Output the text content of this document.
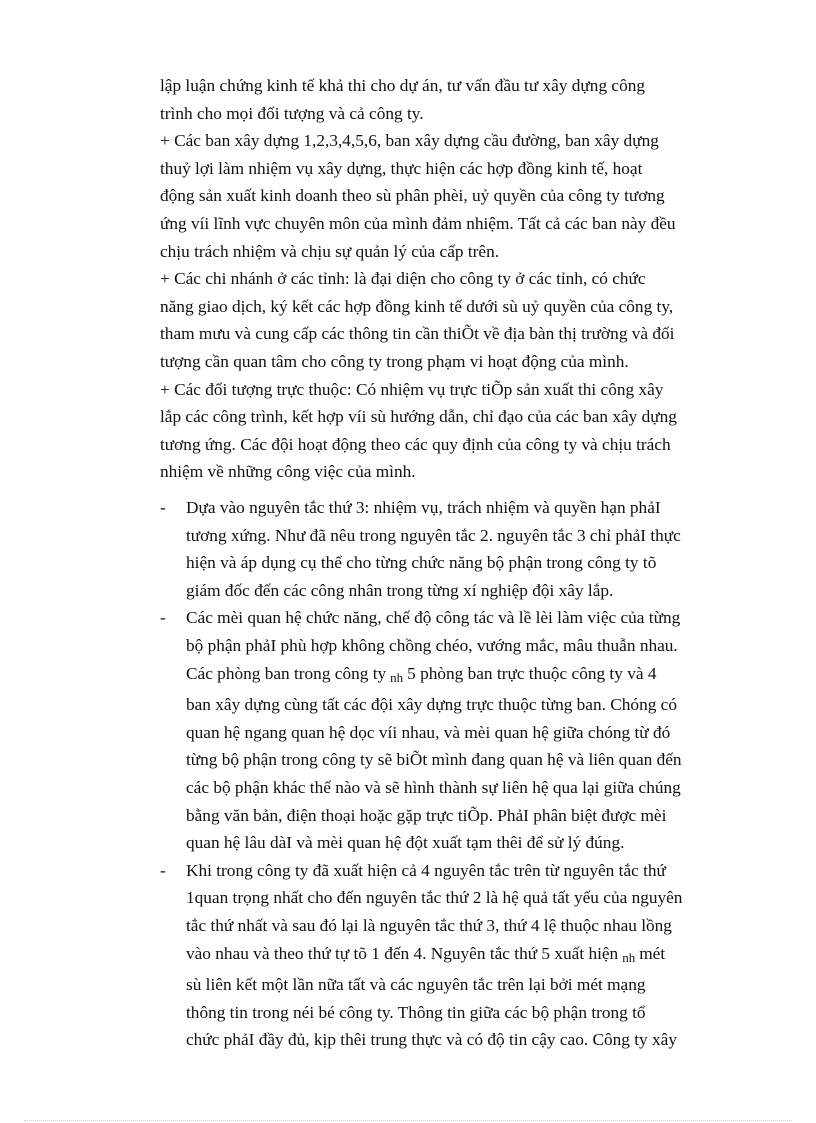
lập luận chứng kinh tế khả thi cho dự án, tư vấn đầu tư xây dựng công
trình cho mọi đối tượng và cả công ty.
+ Các ban xây dựng 1,2,3,4,5,6, ban xây dựng cầu đường, ban xây dựng
thuỷ lợi làm nhiệm vụ xây dựng, thực hiện các hợp đồng kinh tế, hoạt
động sản xuất kinh doanh theo sù phân phèi, uỷ quyền của công ty tương
ứng víi lĩnh vực chuyên môn của mình đảm nhiệm. Tất cả các ban này đều
chịu trách nhiệm và chịu sự quản lý của cấp trên.
+ Các chi nhánh ở các tỉnh: là đại diện cho công ty ở các tỉnh, có chức
năng giao dịch, ký kết các hợp đồng kinh tế dưới sù uỷ quyền của công ty,
tham mưu và cung cấp các thông tin cần thiÕt về địa bàn thị trường và đối
tượng cần quan tâm cho công ty trong phạm vi hoạt động của mình.
+ Các đối tượng trực thuộc: Có nhiệm vụ trực tiÕp sản xuất thi công xây
lắp các công trình, kết hợp víi sù hướng dẫn, chỉ đạo của các ban xây dựng
tương ứng. Các đội hoạt động theo các quy định của công ty và chịu trách
nhiệm về những công việc của mình.
- Dựa vào nguyên tắc thứ 3: nhiệm vụ, trách nhiệm và quyền hạn phảI
tương xứng. Như đã nêu trong nguyên tắc 2. nguyên tắc 3 chỉ phảI thực
hiện và áp dụng cụ thể cho từng chức năng bộ phận trong công ty tõ
giám đốc đến các công nhân trong từng xí nghiệp đội xây lắp.
- Các mèi quan hệ chức năng, chế độ công tác và lề lèi làm việc của từng
bộ phận phảI phù hợp không chồng chéo, vướng mắc, mâu thuẫn nhau.
Các phòng ban trong công ty $_{nh}$ 5 phòng ban trực thuộc công ty và 4
ban xây dựng cùng tất các đội xây dựng trực thuộc từng ban. Chóng có
quan hệ ngang quan hệ dọc víi nhau, và mèi quan hệ giữa chóng từ đó
từng bộ phận trong công ty sẽ biÕt mình đang quan hệ và liên quan đến
các bộ phận khác thế nào và sẽ hình thành sự liên hệ qua lại giữa chúng
bằng văn bản, điện thoại hoặc gặp trực tiÕp. PhảI phân biệt được mèi
quan hệ lâu dàI và mèi quan hệ đột xuất tạm thêi để sử lý đúng.
- Khi trong công ty đã xuất hiện cả 4 nguyên tắc trên từ nguyên tắc thứ
1quan trọng nhất cho đến nguyên tắc thứ 2 là hệ quả tất yếu của nguyên
tắc thứ nhất và sau đó lại là nguyên tắc thứ 3, thứ 4 lệ thuộc nhau lồng
vào nhau và theo thứ tự tõ 1 đến 4. Nguyên tắc thứ 5 xuất hiện $_{nh}$ mét
sù liên kết một lần nữa tất và các nguyên tắc trên lại bởi mét mạng
thông tin trong néi bé công ty. Thông tin giữa các bộ phận trong tổ
chức phảI đầy đủ, kịp thêi trung thực và có độ tin cậy cao. Công ty xây
